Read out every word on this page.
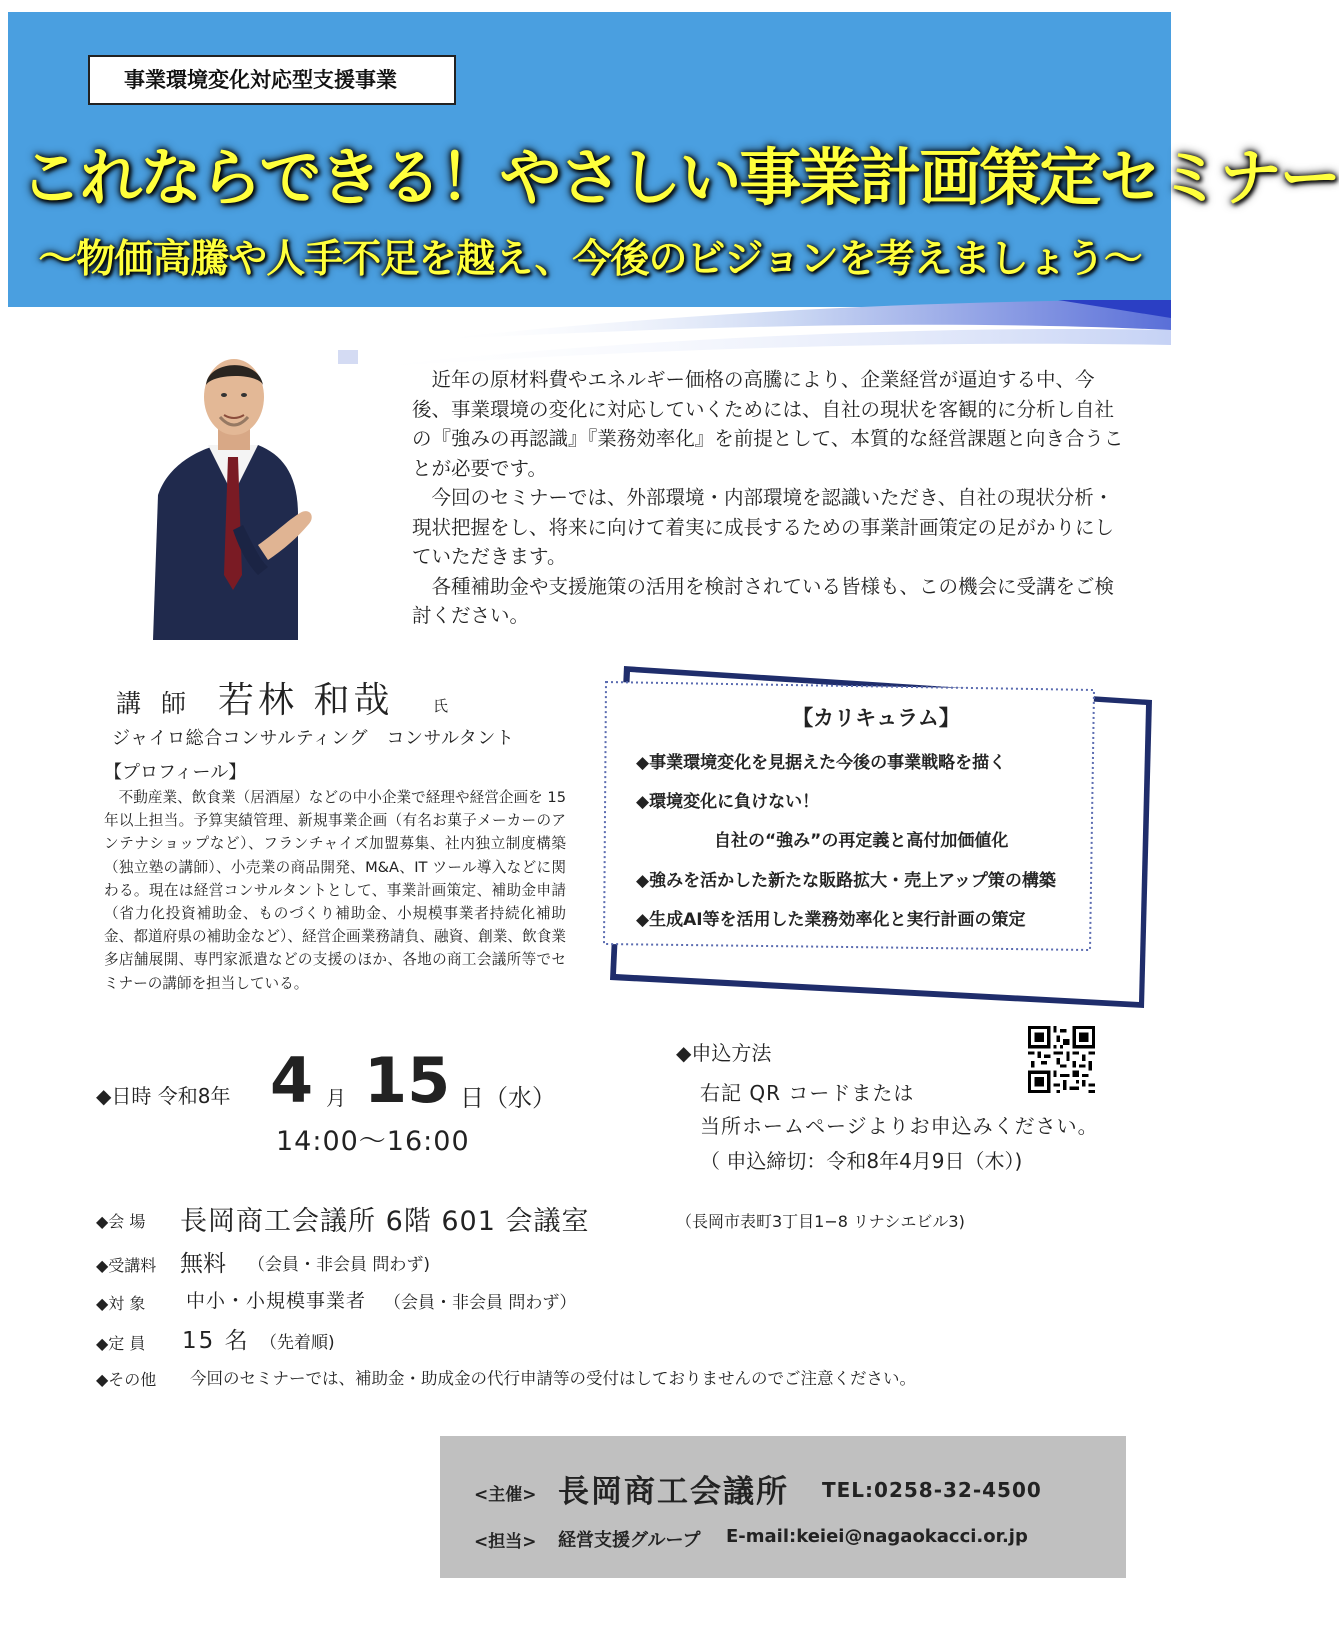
事業環境変化対応型支援事業
これならできる！やさしい事業計画策定セミナー
～物価高騰や人手不足を越え、今後のビジョンを考えましょう～

近年の原材料費やエネルギー価格の高騰により、企業経営が逼迫する中、今後、事業環境の変化に対応していくためには、自社の現状を客観的に分析し自社の『強みの再認識』『業務効率化』を前提として、本質的な経営課題と向き合うことが必要です。

今回のセミナーでは、外部環境・内部環境を認識いただき、自社の現状分析・現状把握をし、将来に向けて着実に成長するための事業計画策定の足がかりにしていただきます。

各種補助金や支援施策の活用を検討されている皆様も、この機会に受講をご検討ください。

講 師 若林 和哉	氏
ジャイロ総合コンサルティング　コンサルタント
【プロフィール】
　不動産業、飲食業（居酒屋）などの中小企業で経理や経営企画を 15 年以上担当。予算実績管理、新規事業企画（有名お菓子メーカーのアンテナショップなど）、フランチャイズ加盟募集、社内独立制度構築（独立塾の講師）、小売業の商品開発、M&A、IT ツール導入などに関わる。現在は経営コンサルタントとして、事業計画策定、補助金申請（省力化投資補助金、ものづくり補助金、小規模事業者持続化補助金、都道府県の補助金など）、経営企画業務請負、融資、創業、飲食業多店舗展開、専門家派遣などの支援のほか、各地の商工会議所等でセミナーの講師を担当している。
【カリキュラム】
◆事業環境変化を見据えた今後の事業戦略を描く
◆環境変化に負けない！
自社の“強み”の再定義と高付加価値化
◆強みを活かした新たな販路拡大・売上アップ策の構築
◆生成AI等を活用した業務効率化と実行計画の策定
◆日時 令和8年 4 月 15 日（水）
14:00～16:00
◆申込方法
右記 QR コードまたは
当所ホームページよりお申込みください。
（ 申込締切：令和8年4月9日（木）)
◆会 場 長岡商工会議所 6階 601 会議室	（長岡市表町3丁目1−8 リナシエビル3)
◆受講料 無料 （会員・非会員 問わず)
◆対 象 中小・小規模事業者 （会員・非会員 問わず）
◆定 員 15 名 （先着順)
◆その他 今回のセミナーでは、補助金・助成金の代行申請等の受付はしておりませんのでご注意ください。
<主催> 長岡商工会議所 TEL:0258-32-4500
<担当> 経営支援グループ E-mail:keiei@nagaokacci.or.jp
